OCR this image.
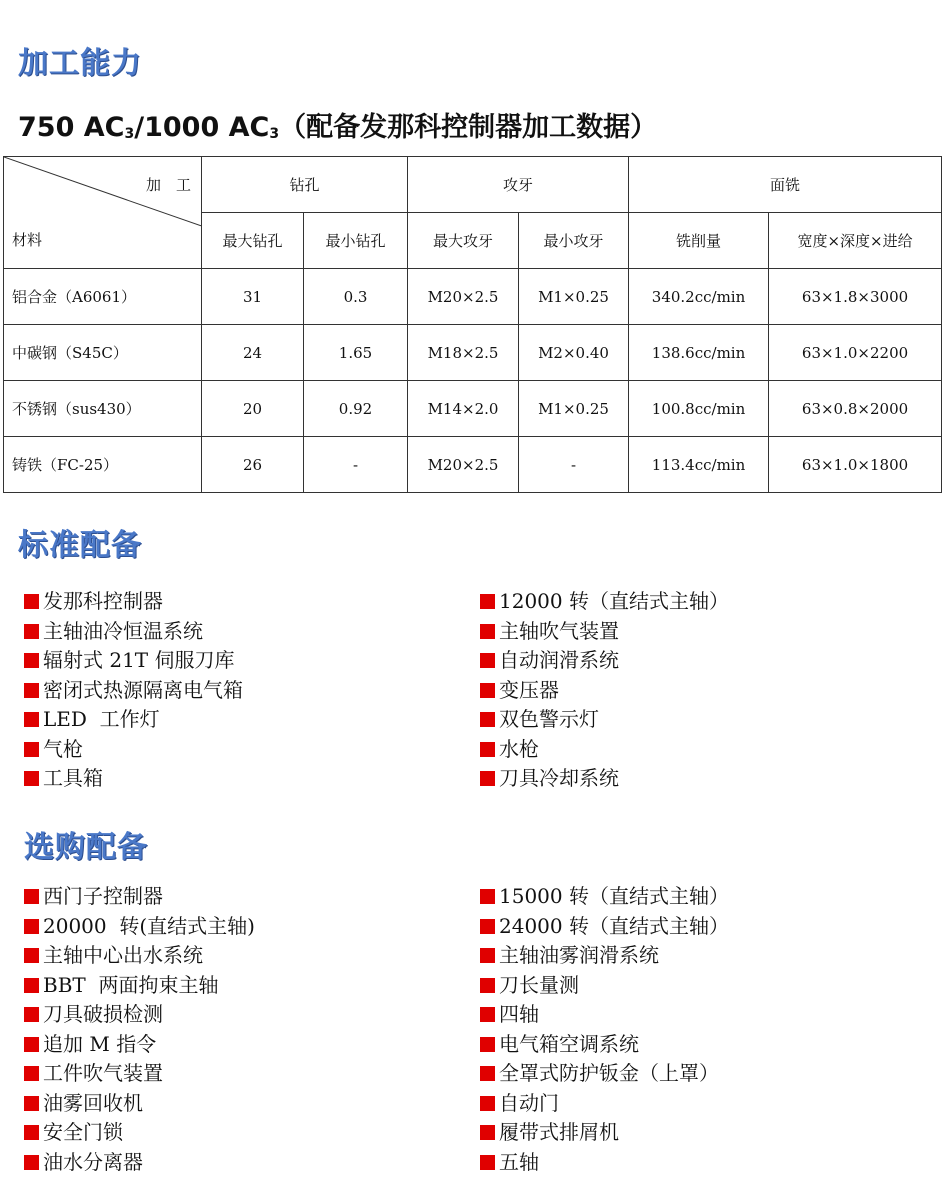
加工能力
750 $AC_3/1000$ $AC_3$（配备发那科控制器加工数据）
加　工
材料	钻孔		攻牙		面铣	
	最大钻孔	最小钻孔	最大攻牙	最小攻牙	铣削量	宽度×深度×进给
铝合金（A6061）	31	0.3	M20×2.5	M1×0.25	340.2cc/min	63×1.8×3000
中碳钢（S45C）	24	1.65	M18×2.5	M2×0.40	138.6cc/min	63×1.0×2200
不锈钢（sus430）	20	0.92	M14×2.0	M1×0.25	100.8cc/min	63×0.8×2000
铸铁（FC-25）	26	-	M20×2.5	-	113.4cc/min	63×1.0×1800
标准配备
发那科控制器
主轴油冷恒温系统
辐射式 21T 伺服刀库
密闭式热源隔离电气箱
LED  工作灯
气枪
工具箱
12000 转（直结式主轴）
主轴吹气装置
自动润滑系统
变压器
双色警示灯
水枪
刀具冷却系统
选购配备
西门子控制器
20000  转(直结式主轴)
主轴中心出水系统
BBT  两面拘束主轴
刀具破损检测
追加 M 指令
工件吹气装置
油雾回收机
安全门锁
油水分离器
15000 转（直结式主轴）
24000 转（直结式主轴）
主轴油雾润滑系统
刀长量测
四轴
电气箱空调系统
全罩式防护钣金（上罩）
自动门
履带式排屑机
五轴
